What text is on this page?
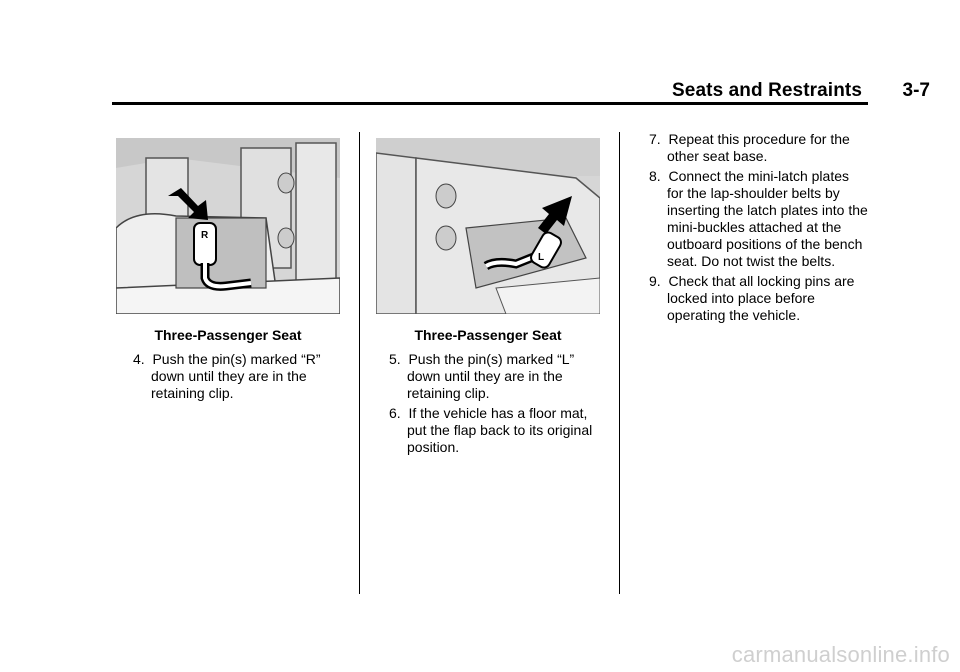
Seats and Restraints 3-7
R
Three-Passenger Seat
L
Three-Passenger Seat
4. Push the pin(s) marked “R” down until they are in the retaining clip.
5. Push the pin(s) marked “L” down until they are in the retaining clip.
6. If the vehicle has a floor mat, put the flap back to its original position.
7. Repeat this procedure for the other seat base.
8. Connect the mini-latch plates for the lap-shoulder belts by inserting the latch plates into the mini-buckles attached at the outboard positions of the bench seat. Do not twist the belts.
9. Check that all locking pins are locked into place before operating the vehicle.
carmanualsonline.info
